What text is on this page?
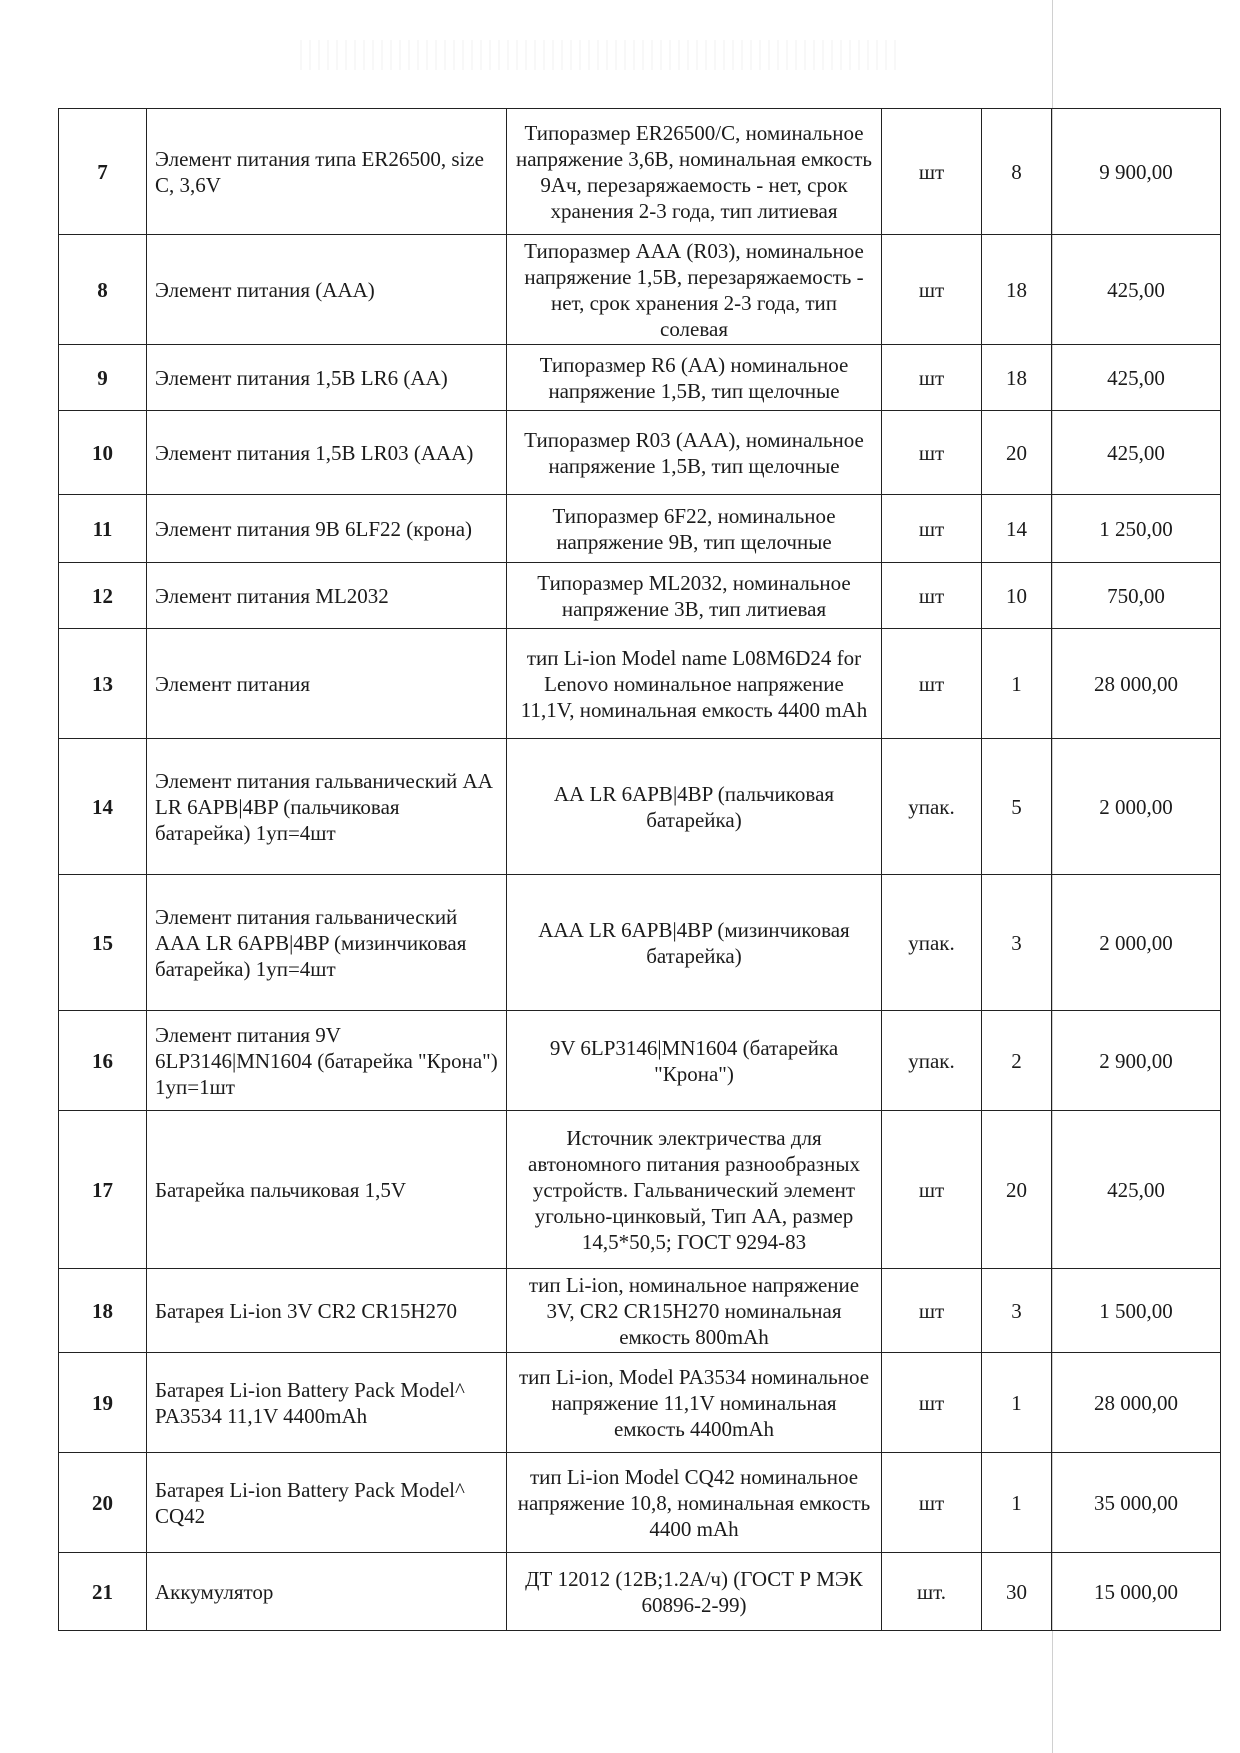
7	Элемент питания типа ER26500, size C, 3,6V	Типоразмер ER26500/C, номинальное напряжение 3,6В, номинальная емкость 9Ач, перезаряжаемость - нет, срок хранения 2-3 года, тип литиевая	шт	8	9 900,00
8	Элемент питания (ААА)	Типоразмер ААА (R03), номинальное напряжение 1,5В, перезаряжаемость - нет, срок хранения 2-3 года, тип солевая	шт	18	425,00
9	Элемент питания 1,5В LR6 (АА)	Типоразмер R6 (АА) номинальное напряжение 1,5В, тип щелочные	шт	18	425,00
10	Элемент питания 1,5В LR03 (ААА)	Типоразмер R03 (ААА), номинальное напряжение 1,5В, тип щелочные	шт	20	425,00
11	Элемент питания 9В 6LF22 (крона)	Типоразмер 6F22, номинальное напряжение 9В, тип щелочные	шт	14	1 250,00
12	Элемент питания ML2032	Типоразмер ML2032, номинальное напряжение 3В, тип литиевая	шт	10	750,00
13	Элемент питания	тип Li-ion Model name L08M6D24 for Lenovo номинальное напряжение 11,1V, номинальная емкость 4400 mAh	шт	1	28 000,00
14	Элемент питания гальванический АА LR 6APB|4BP (пальчиковая батарейка) 1уп=4шт	АА LR 6APB|4BP (пальчиковая батарейка)	упак.	5	2 000,00
15	Элемент питания гальванический ААА LR 6APB|4BP (мизинчиковая батарейка) 1уп=4шт	ААА LR 6APB|4BP (мизинчиковая батарейка)	упак.	3	2 000,00
16	Элемент питания 9V 6LP3146|MN1604 (батарейка "Крона") 1уп=1шт	9V 6LP3146|MN1604 (батарейка "Крона")	упак.	2	2 900,00
17	Батарейка пальчиковая 1,5V	Источник электричества для автономного питания разнообразных устройств. Гальванический элемент угольно-цинковый, Тип АА, размер 14,5*50,5; ГОСТ 9294-83	шт	20	425,00
18	Батарея Li-ion 3V CR2 CR15H270	тип Li-ion, номинальное напряжение 3V, CR2 CR15H270 номинальная емкость 800mAh	шт	3	1 500,00
19	Батарея Li-ion Battery Pack Model^ PA3534 11,1V 4400mAh	тип Li-ion, Model PA3534 номинальное напряжение 11,1V номинальная емкость 4400mAh	шт	1	28 000,00
20	Батарея Li-ion Battery Pack Model^ CQ42	тип Li-ion Model CQ42 номинальное напряжение 10,8, номинальная емкость 4400 mAh	шт	1	35 000,00
21	Аккумулятор	ДТ 12012 (12В;1.2А/ч) (ГОСТ Р МЭК 60896-2-99)	шт.	30	15 000,00
